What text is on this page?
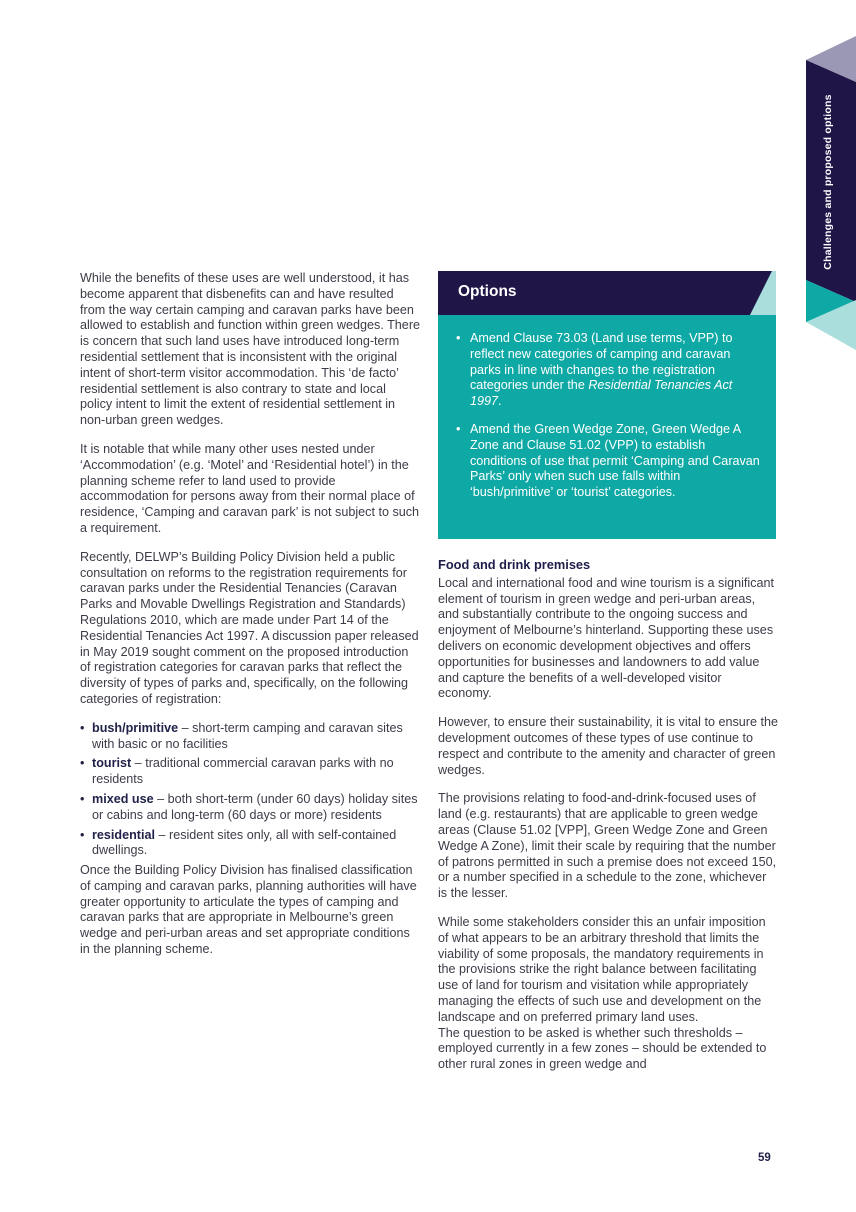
Challenges and proposed options

While the benefits of these uses are well understood, it has become apparent that disbenefits can and have resulted from the way certain camping and caravan parks have been allowed to establish and function within green wedges. There is concern that such land uses have introduced long-term residential settlement that is inconsistent with the original intent of short-term visitor accommodation. This ‘de facto’ residential settlement is also contrary to state and local policy intent to limit the extent of residential settlement in non-urban green wedges.

It is notable that while many other uses nested under ‘Accommodation’ (e.g. ‘Motel’ and ‘Residential hotel’) in the planning scheme refer to land used to provide accommodation for persons away from their normal place of residence, ‘Camping and caravan park’ is not subject to such a requirement.

Recently, DELWP’s Building Policy Division held a public consultation on reforms to the registration requirements for caravan parks under the Residential Tenancies (Caravan Parks and Movable Dwellings Registration and Standards) Regulations 2010, which are made under Part 14 of the Residential Tenancies Act 1997. A discussion paper released in May 2019 sought comment on the proposed introduction of registration categories for caravan parks that reflect the diversity of types of parks and, specifically, on the following categories of registration:

• bush/primitive – short-term camping and caravan sites with basic or no facilities
• tourist – traditional commercial caravan parks with no residents
• mixed use – both short-term (under 60 days) holiday sites or cabins and long-term (60 days or more) residents
• residential – resident sites only, all with self-contained dwellings.

Once the Building Policy Division has finalised classification of camping and caravan parks, planning authorities will have greater opportunity to articulate the types of camping and caravan parks that are appropriate in Melbourne’s green wedge and peri-urban areas and set appropriate conditions in the planning scheme.

Options
• Amend Clause 73.03 (Land use terms, VPP) to reflect new categories of camping and caravan parks in line with changes to the registration categories under the Residential Tenancies Act 1997.
• Amend the Green Wedge Zone, Green Wedge A Zone and Clause 51.02 (VPP) to establish conditions of use that permit ‘Camping and Caravan Parks’ only when such use falls within ‘bush/primitive’ or ‘tourist’ categories.
Food and drink premises

Local and international food and wine tourism is a significant element of tourism in green wedge and peri-urban areas, and substantially contribute to the ongoing success and enjoyment of Melbourne’s hinterland. Supporting these uses delivers on economic development objectives and offers opportunities for businesses and landowners to add value and capture the benefits of a well-developed visitor economy.

However, to ensure their sustainability, it is vital to ensure the development outcomes of these types of use continue to respect and contribute to the amenity and character of green wedges.

The provisions relating to food-and-drink-focused uses of land (e.g. restaurants) that are applicable to green wedge areas (Clause 51.02 [VPP], Green Wedge Zone and Green Wedge A Zone), limit their scale by requiring that the number of patrons permitted in such a premise does not exceed 150, or a number specified in a schedule to the zone, whichever is the lesser.

While some stakeholders consider this an unfair imposition of what appears to be an arbitrary threshold that limits the viability of some proposals, the mandatory requirements in the provisions strike the right balance between facilitating use of land for tourism and visitation while appropriately managing the effects of such use and development on the landscape and on preferred primary land uses.
The question to be asked is whether such thresholds – employed currently in a few zones – should be extended to other rural zones in green wedge and

59
